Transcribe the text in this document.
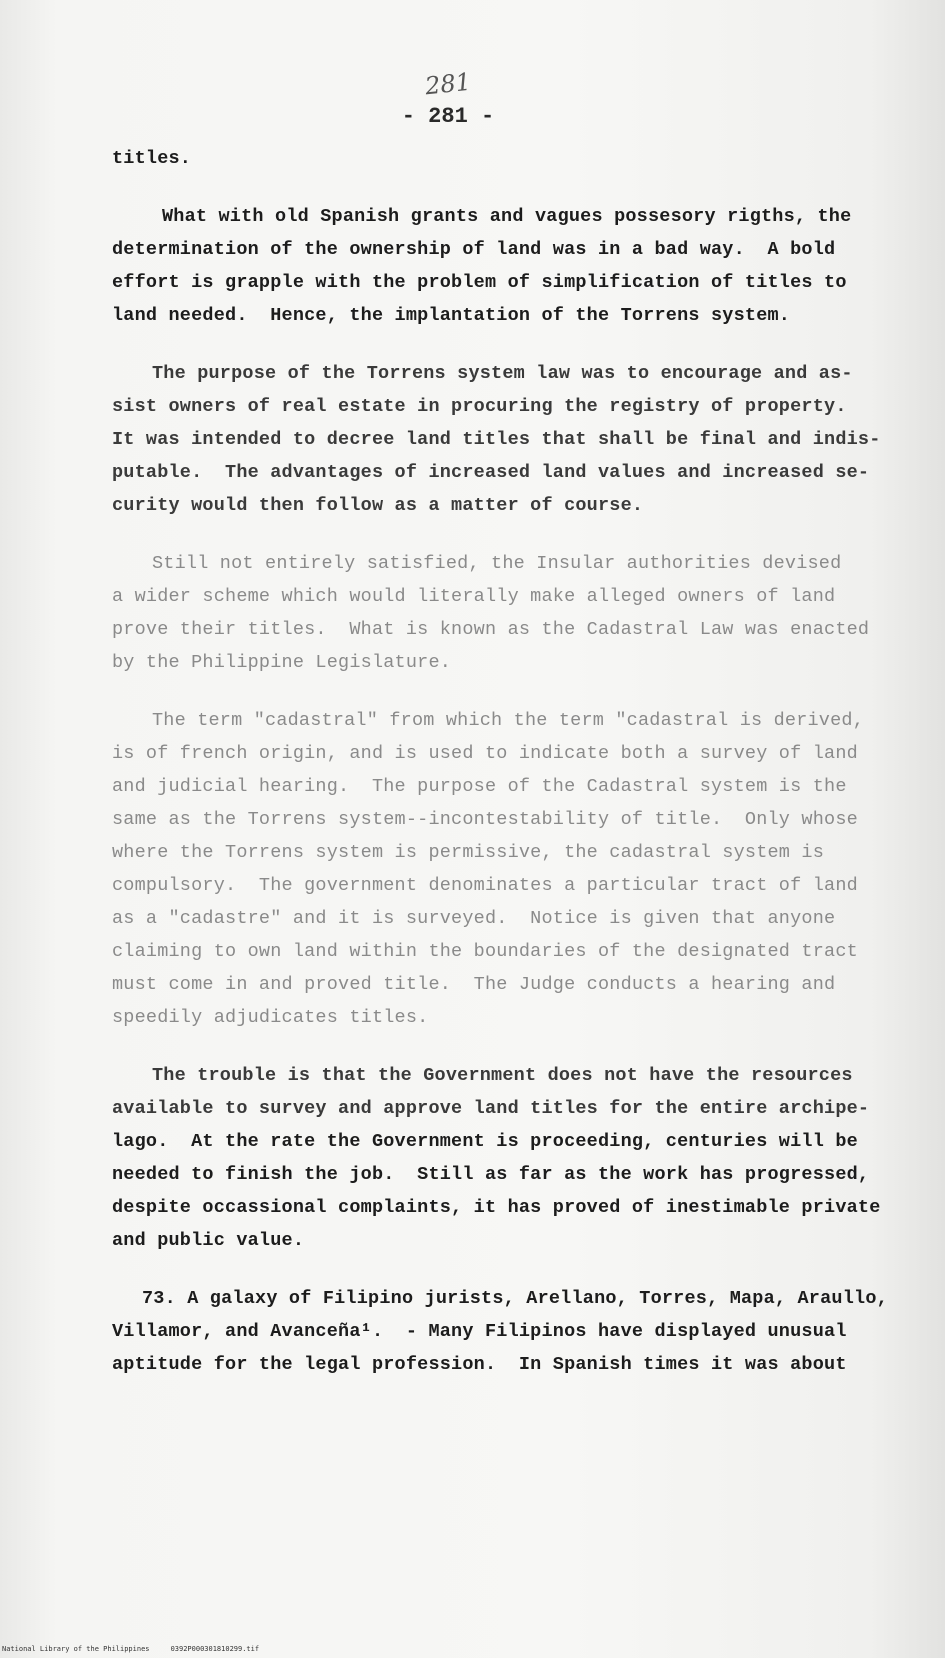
281
- 281 -
titles.
What with old Spanish grants and vagues possesory rigths, the
determination of the ownership of land was in a bad way.  A bold
effort is grapple with the problem of simplification of titles to
land needed.  Hence, the implantation of the Torrens system.
The purpose of the Torrens system law was to encourage and as-
sist owners of real estate in procuring the registry of property.
It was intended to decree land titles that shall be final and indis-
putable.  The advantages of increased land values and increased se-
curity would then follow as a matter of course.
Still not entirely satisfied, the Insular authorities devised
a wider scheme which would literally make alleged owners of land
prove their titles.  What is known as the Cadastral Law was enacted
by the Philippine Legislature.
The term "cadastral" from which the term "cadastral is derived,
is of french origin, and is used to indicate both a survey of land
and judicial hearing.  The purpose of the Cadastral system is the
same as the Torrens system--incontestability of title.  Only whose
where the Torrens system is permissive, the cadastral system is
compulsory.  The government denominates a particular tract of land
as a "cadastre" and it is surveyed.  Notice is given that anyone
claiming to own land within the boundaries of the designated tract
must come in and proved title.  The Judge conducts a hearing and
speedily adjudicates titles.
The trouble is that the Government does not have the resources
available to survey and approve land titles for the entire archipe-
lago.  At the rate the Government is proceeding, centuries will be
needed to finish the job.  Still as far as the work has progressed,
despite occassional complaints, it has proved of inestimable private
and public value.
73. A galaxy of Filipino jurists, Arellano, Torres, Mapa, Araullo,
Villamor, and Avanceña¹.  - Many Filipinos have displayed unusual
aptitude for the legal profession.  In Spanish times it was about
National Library of the Philippines     0392P000301810299.tif
